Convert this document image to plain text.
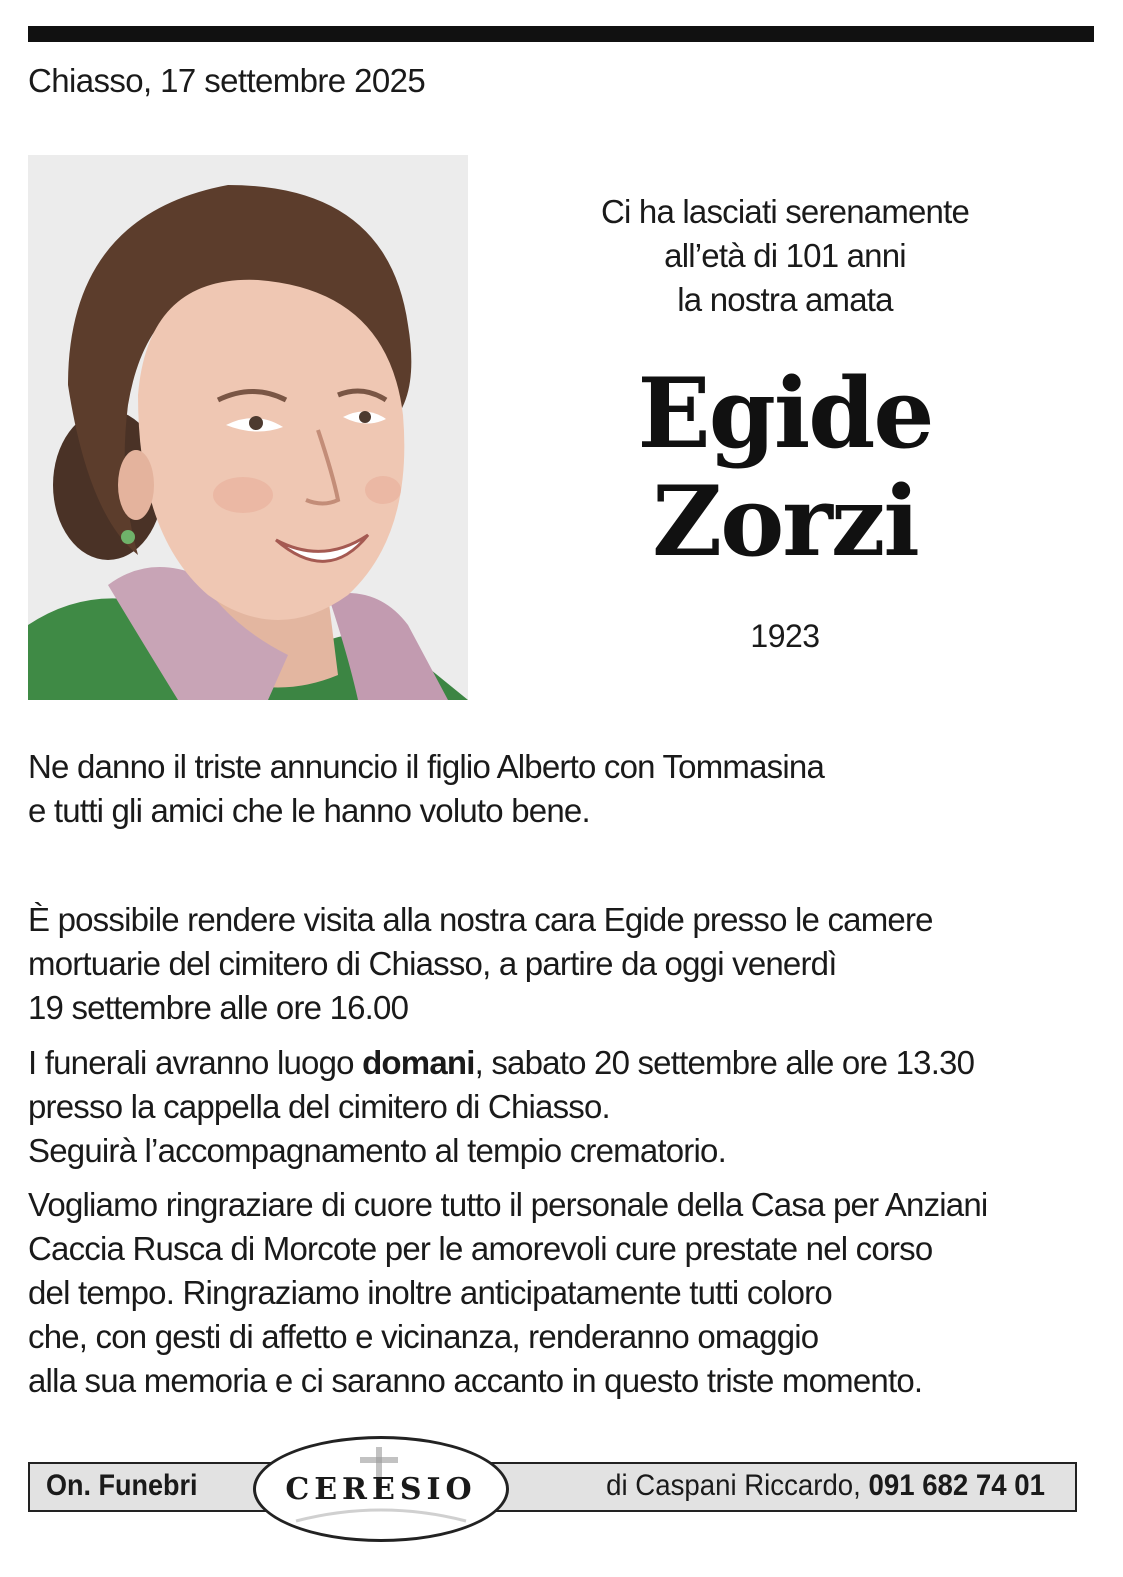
Chiasso, 17 settembre 2025
Ci ha lasciati serenamente
all’età di 101 anni
la nostra amata
Egide
Zorzi
1923

Ne danno il triste annuncio il figlio Alberto con Tommasina

e tutti gli amici che le hanno voluto bene.

È possibile rendere visita alla nostra cara Egide presso le camere

mortuarie del cimitero di Chiasso, a partire da oggi venerdì

19 settembre alle ore 16.00

I funerali avranno luogo domani, sabato 20 settembre alle ore 13.30

presso la cappella del cimitero di Chiasso.

Seguirà l’accompagnamento al tempio crematorio.

Vogliamo ringraziare di cuore tutto il personale della Casa per Anziani

Caccia Rusca di Morcote per le amorevoli cure prestate nel corso

del tempo. Ringraziamo inoltre anticipatamente tutti coloro

che, con gesti di affetto e vicinanza, renderanno omaggio

alla sua memoria e ci saranno accanto in questo triste momento.

On. Funebri	di Caspani Riccardo, 091 682 74 01
CERESIO
